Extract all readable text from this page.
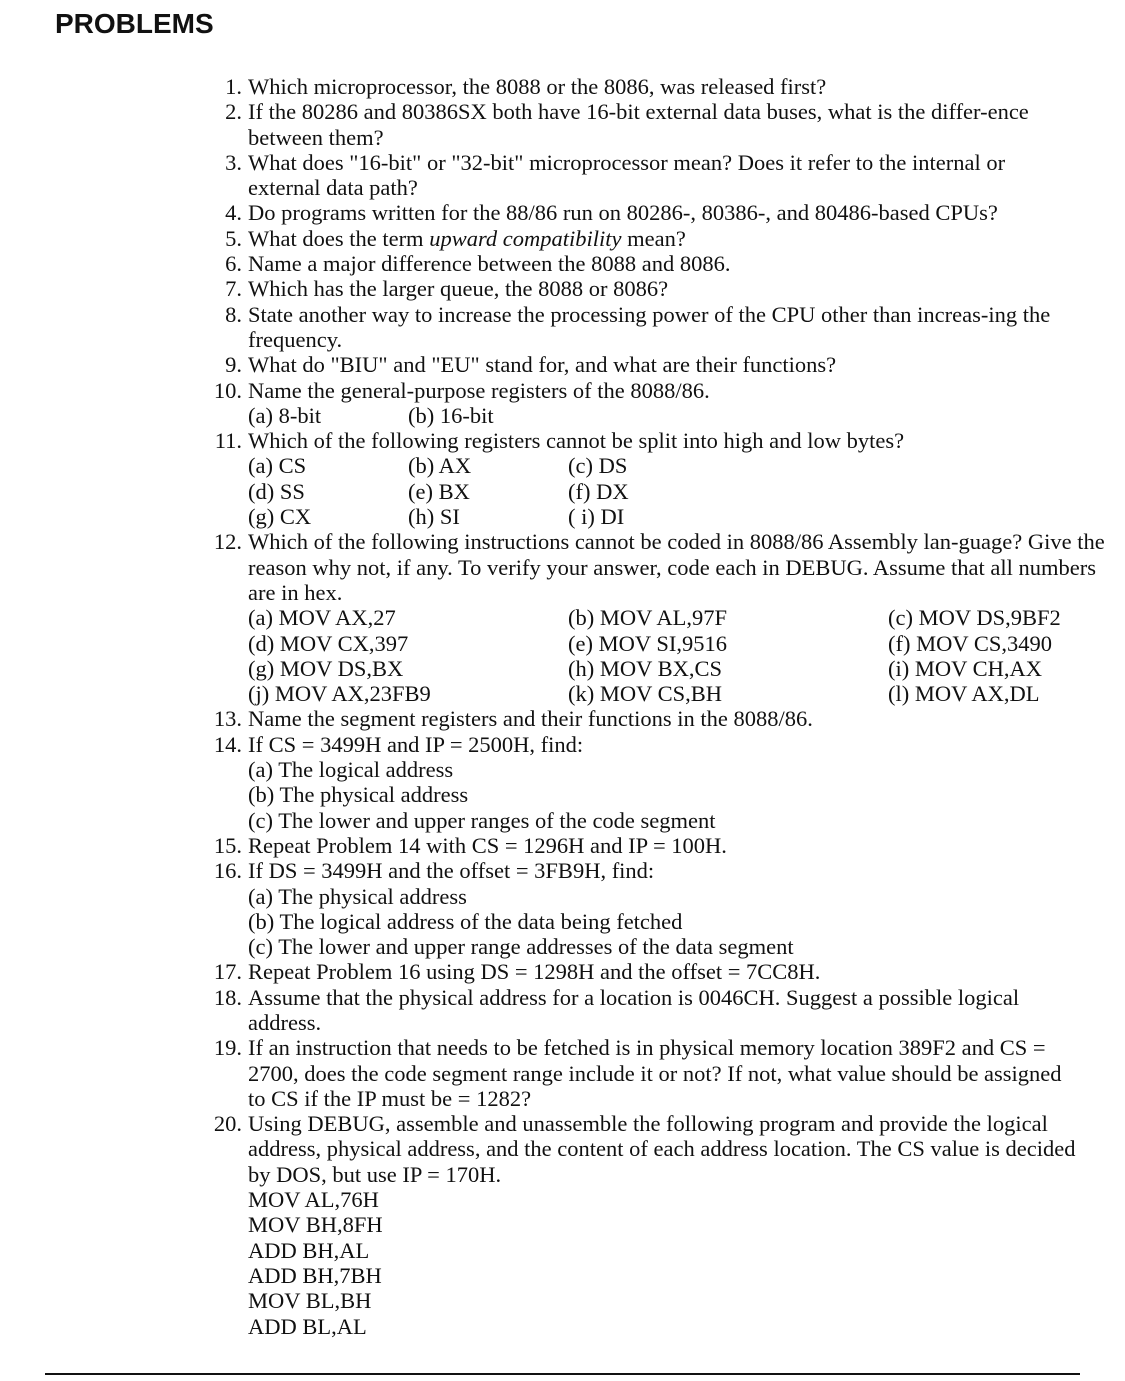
PROBLEMS
1. Which microprocessor, the 8088 or the 8086, was released first?
2. If the 80286 and 80386SX both have 16-bit external data buses, what is the differ-ence between them?
3. What does "16-bit" or "32-bit" microprocessor mean? Does it refer to the internal or external data path?
4. Do programs written for the 88/86 run on 80286-, 80386-, and 80486-based CPUs?
5. What does the term upward compatibility mean?
6. Name a major difference between the 8088 and 8086.
7. Which has the larger queue, the 8088 or 8086?
8. State another way to increase the processing power of the CPU other than increas-ing the frequency.
9. What do "BIU" and "EU" stand for, and what are their functions?
10. Name the general-purpose registers of the 8088/86.
(a) 8-bit	(b) 16-bit
11. Which of the following registers cannot be split into high and low bytes?
(a) CS	(b) AX	(c) DS
(d) SS	(e) BX	(f) DX
(g) CX	(h) SI	( i) DI
12. Which of the following instructions cannot be coded in 8088/86 Assembly lan-guage? Give the reason why not, if any. To verify your answer, code each in DEBUG. Assume that all numbers are in hex.
(a) MOV AX,27	(b) MOV AL,97F	(c) MOV DS,9BF2
(d) MOV CX,397	(e) MOV SI,9516	(f) MOV CS,3490
(g) MOV DS,BX	(h) MOV BX,CS	(i) MOV CH,AX
(j) MOV AX,23FB9	(k) MOV CS,BH	(l) MOV AX,DL
13. Name the segment registers and their functions in the 8088/86.
14. If CS = 3499H and IP = 2500H, find:
(a) The logical address
(b) The physical address
(c) The lower and upper ranges of the code segment
15. Repeat Problem 14 with CS = 1296H and IP = 100H.
16. If DS = 3499H and the offset = 3FB9H, find:
(a) The physical address
(b) The logical address of the data being fetched
(c) The lower and upper range addresses of the data segment
17. Repeat Problem 16 using DS = 1298H and the offset = 7CC8H.
18. Assume that the physical address for a location is 0046CH. Suggest a possible logical address.
19. If an instruction that needs to be fetched is in physical memory location 389F2 and CS = 2700, does the code segment range include it or not? If not, what value should be assigned to CS if the IP must be = 1282?
20. Using DEBUG, assemble and unassemble the following program and provide the logical address, physical address, and the content of each address location. The CS value is decided by DOS, but use IP = 170H.
MOV AL,76H
MOV BH,8FH
ADD BH,AL
ADD BH,7BH
MOV BL,BH
ADD BL,AL
